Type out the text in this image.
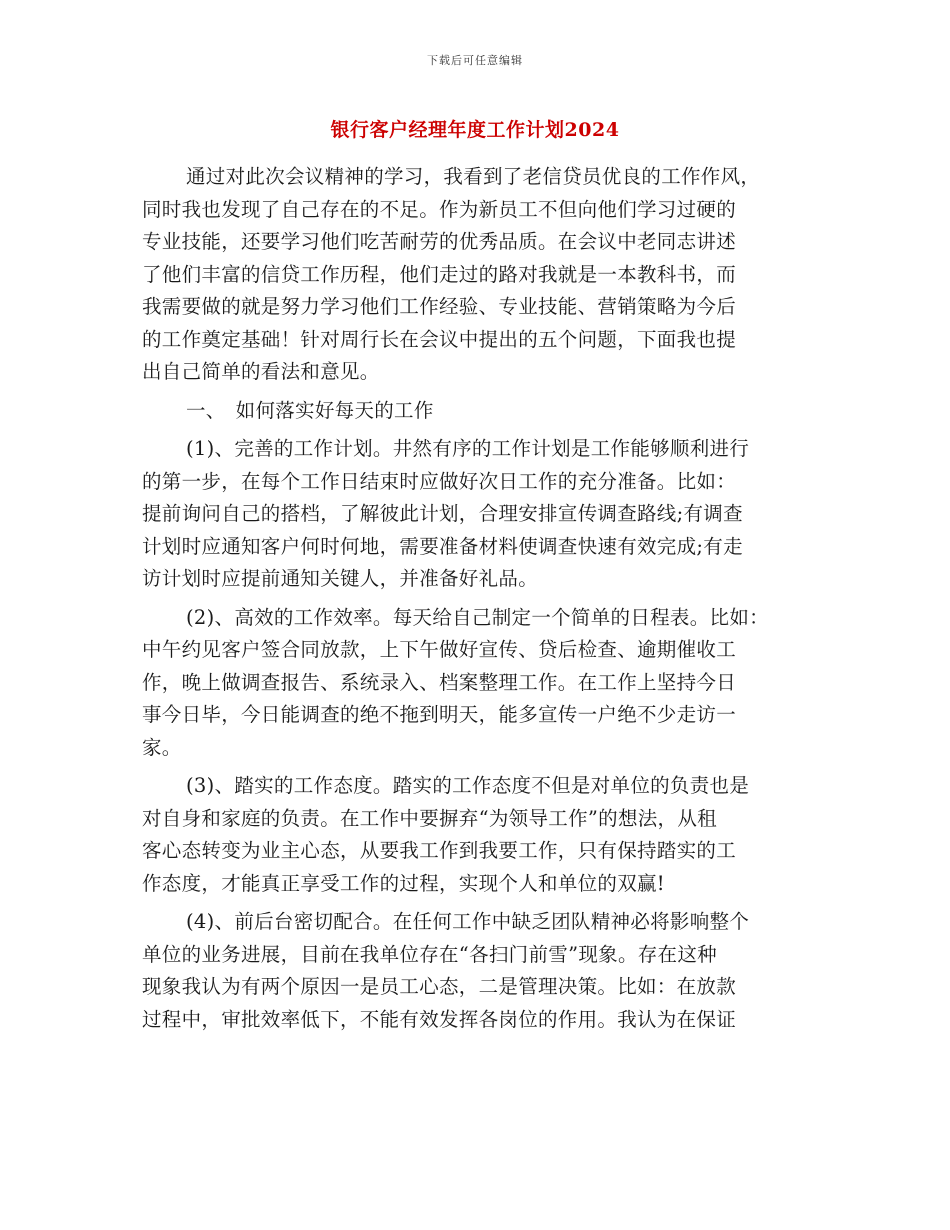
下载后可任意编辑
银行客户经理年度工作计划2024
通过对此次会议精神的学习，我看到了老信贷员优良的工作作风，
同时我也发现了自己存在的不足。作为新员工不但向他们学习过硬的
专业技能，还要学习他们吃苦耐劳的优秀品质。在会议中老同志讲述
了他们丰富的信贷工作历程，他们走过的路对我就是一本教科书，而
我需要做的就是努力学习他们工作经验、专业技能、营销策略为今后
的工作奠定基础！针对周行长在会议中提出的五个问题，下面我也提
出自己简单的看法和意见。
一、　如何落实好每天的工作
(1)、完善的工作计划。井然有序的工作计划是工作能够顺利进行
的第一步，在每个工作日结束时应做好次日工作的充分准备。比如：
提前询问自己的搭档，了解彼此计划，合理安排宣传调查路线;有调查
计划时应通知客户何时何地，需要准备材料使调查快速有效完成;有走
访计划时应提前通知关键人，并准备好礼品。
(2)、高效的工作效率。每天给自己制定一个简单的日程表。比如：
中午约见客户签合同放款，上下午做好宣传、贷后检查、逾期催收工
作，晚上做调查报告、系统录入、档案整理工作。在工作上坚持今日
事今日毕，今日能调查的绝不拖到明天，能多宣传一户绝不少走访一
家。
(3)、踏实的工作态度。踏实的工作态度不但是对单位的负责也是
对自身和家庭的负责。在工作中要摒弃“为领导工作”的想法，从租
客心态转变为业主心态，从要我工作到我要工作，只有保持踏实的工
作态度，才能真正享受工作的过程，实现个人和单位的双赢!
(4)、前后台密切配合。在任何工作中缺乏团队精神必将影响整个
单位的业务进展，目前在我单位存在“各扫门前雪”现象。存在这种
现象我认为有两个原因一是员工心态，二是管理决策。比如：在放款
过程中，审批效率低下，不能有效发挥各岗位的作用。我认为在保证
